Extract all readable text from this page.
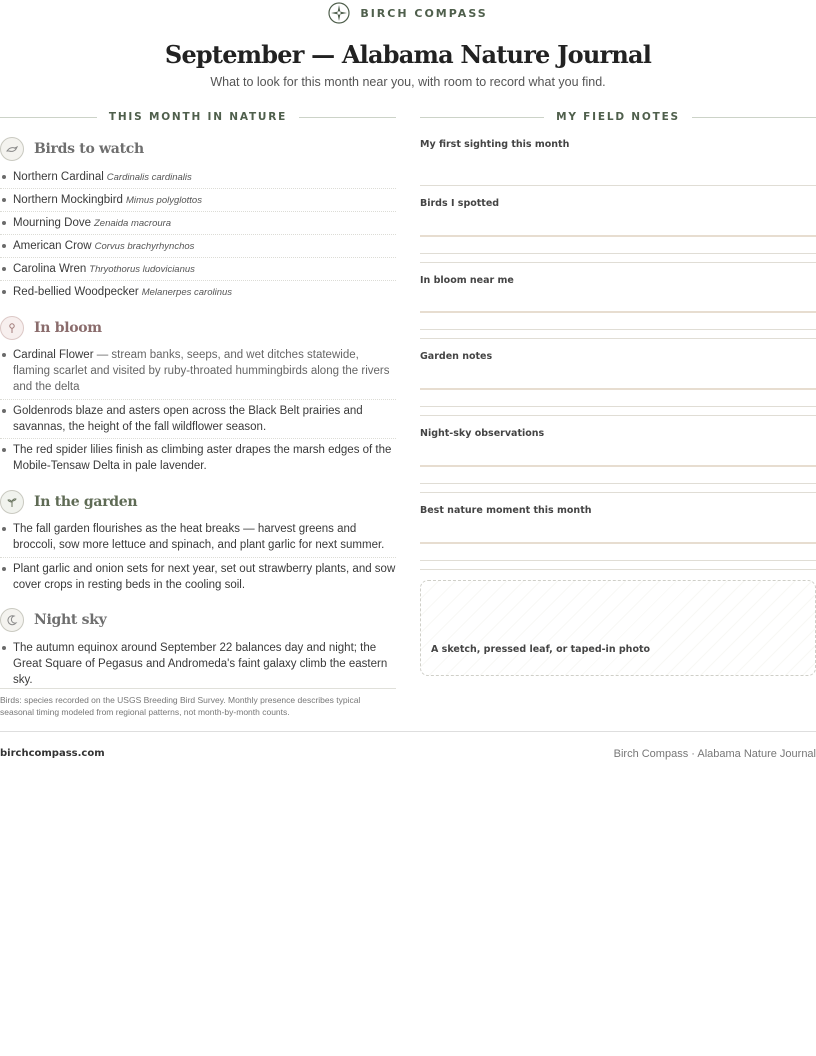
BIRCH COMPASS
September — Alabama Nature Journal

What to look for this month near you, with room to record what you find.

THIS MONTH IN NATURE	MY FIELD NOTES
Birds to watch
Northern Cardinal Cardinalis cardinalis
Northern Mockingbird Mimus polyglottos
Mourning Dove Zenaida macroura
American Crow Corvus brachyrhynchos
Carolina Wren Thryothorus ludovicianus
Red-bellied Woodpecker Melanerpes carolinus
In bloom
Cardinal Flower — stream banks, seeps, and wet ditches statewide, flaming scarlet and visited by ruby-throated hummingbirds along the rivers and the delta
Goldenrods blaze and asters open across the Black Belt prairies and savannas, the height of the fall wildflower season.
The red spider lilies finish as climbing aster drapes the marsh edges of the Mobile-Tensaw Delta in pale lavender.
In the garden
The fall garden flourishes as the heat breaks — harvest greens and broccoli, sow more lettuce and spinach, and plant garlic for next summer.
Plant garlic and onion sets for next year, set out strawberry plants, and sow cover crops in resting beds in the cooling soil.
Night sky
The autumn equinox around September 22 balances day and night; the Great Square of Pegasus and Andromeda's faint galaxy climb the eastern sky.
Birds: species recorded on the USGS Breeding Bird Survey. Monthly presence describes typical seasonal timing modeled from regional patterns, not month-by-month counts.
My first sighting this month
Birds I spotted
In bloom near me
Garden notes
Night-sky observations
Best nature moment this month
A sketch, pressed leaf, or taped-in photo
birchcompass.com	Birch Compass · Alabama Nature Journal
